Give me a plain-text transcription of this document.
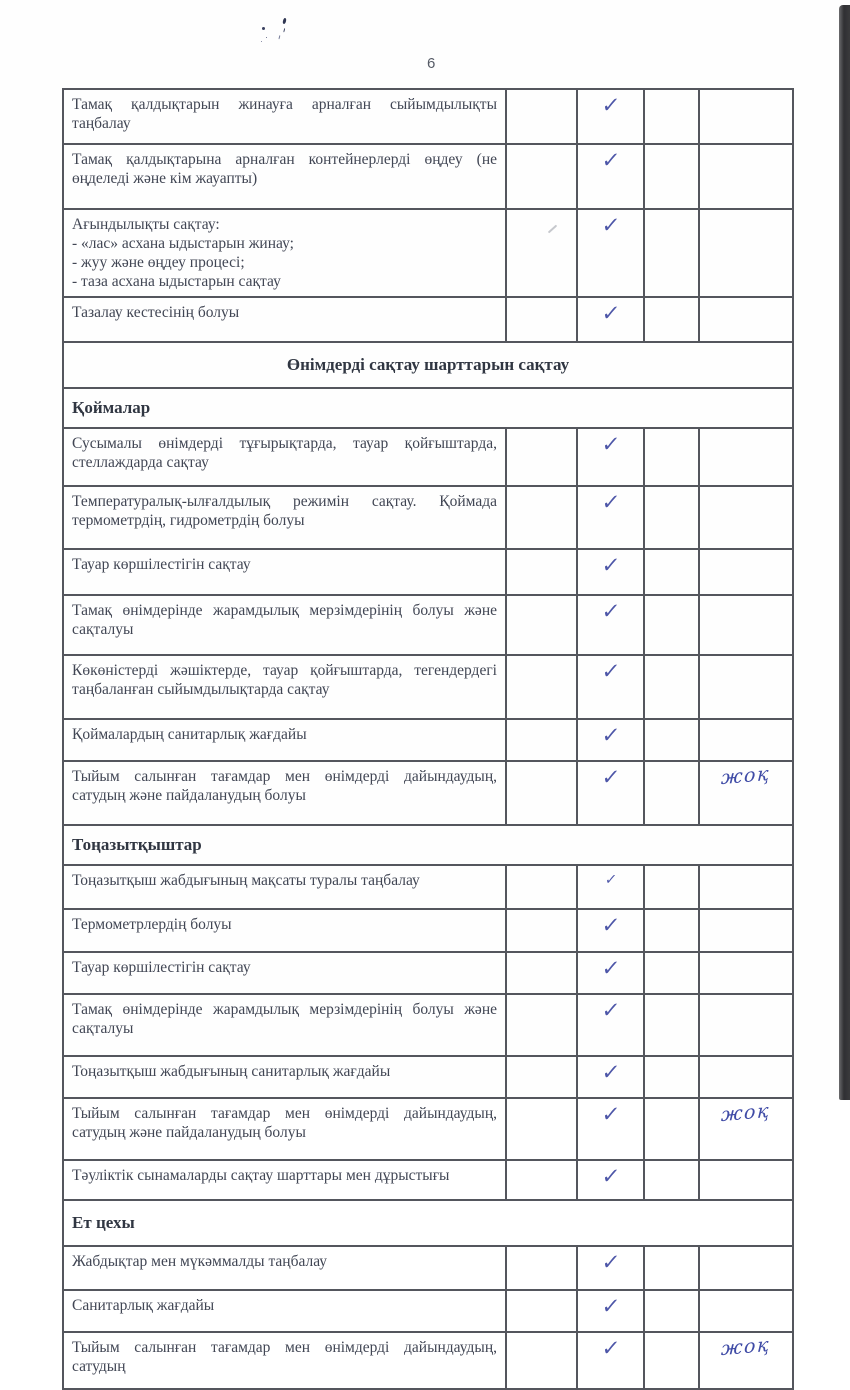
6
Тамақ қалдықтарын жинауға арналған сыйымдылықты таңбалау		✓		
Тамақ қалдықтарына арналған контейнерлерді өңдеу (не өңделеді және кім жауапты)		✓		

Ағындылықты сақтау:
- «лас» асхана ыдыстарын жинау;
- жуу және өңдеу процесі;
- таза асхана ыдыстарын сақтау		✓		
Тазалау кестесінің болуы		✓		
Өнімдерді сақтау шарттарын сақтау				
Қоймалар				
Сусымалы өнімдерді тұғырықтарда, тауар қойғыштарда, стеллаждарда сақтау		✓		
Температуралық-ылғалдылық режимін сақтау. Қоймада термометрдің, гидрометрдің болуы		✓		
Тауар көршілестігін сақтау		✓		
Тамақ өнімдерінде жарамдылық мерзімдерінің болуы және сақталуы		✓		
Көкөністерді жәшіктерде, тауар қойғыштарда, тегендердегі таңбаланған сыйымдылықтарда сақтау		✓		
Қоймалардың санитарлық жағдайы		✓		
Тыйым салынған тағамдар мен өнімдерді дайындаудың, сатудың және пайдаланудың болуы		✓		жоқ
Тоңазытқыштар				
Тоңазытқыш жабдығының мақсаты туралы таңбалау		✓		
Термометрлердің болуы		✓		
Тауар көршілестігін сақтау		✓		
Тамақ өнімдерінде жарамдылық мерзімдерінің болуы және сақталуы		✓		
Тоңазытқыш жабдығының санитарлық жағдайы		✓		
Тыйым салынған тағамдар мен өнімдерді дайындаудың, сатудың және пайдаланудың болуы		✓		жоқ
Тәуліктік сынамаларды сақтау шарттары мен дұрыстығы		✓		
Ет цехы				
Жабдықтар мен мүкәммалды таңбалау		✓		
Санитарлық жағдайы		✓		
Тыйым салынған тағамдар мен өнімдерді дайындаудың, сатудың		✓		жоқ
